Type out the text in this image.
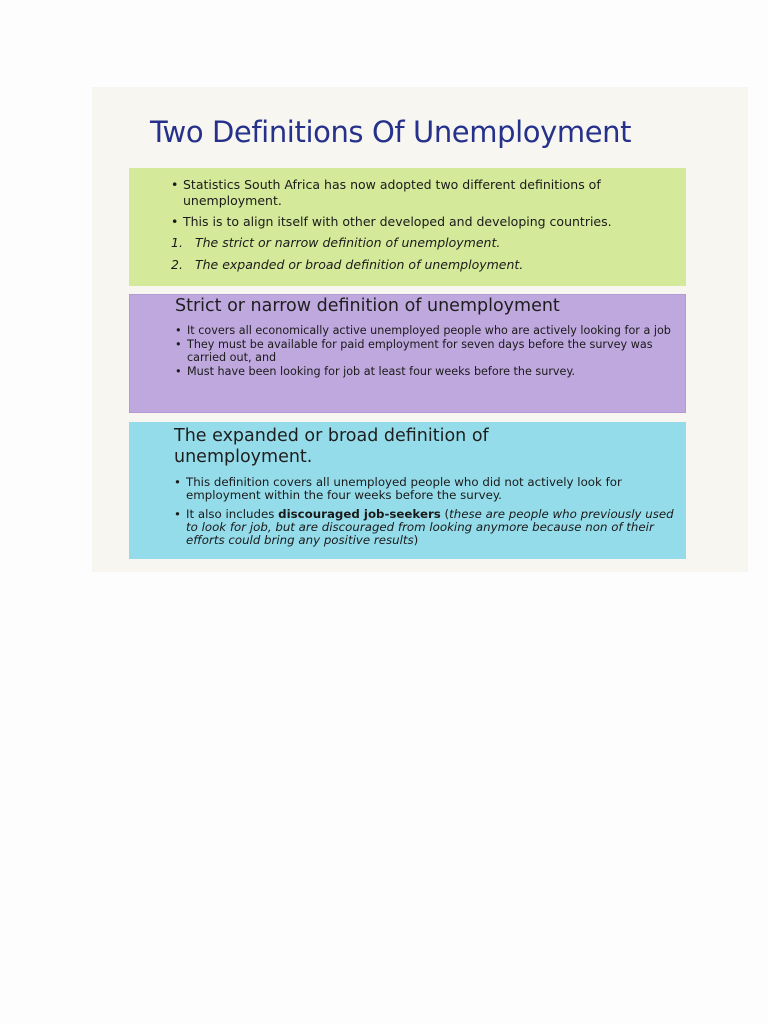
Two Definitions Of Unemployment
• Statistics South Africa has now adopted two different definitions of unemployment.
• This is to align itself with other developed and developing countries.
1. The strict or narrow definition of unemployment.
2. The expanded or broad definition of unemployment.
Strict or narrow definition of unemployment
• It covers all economically active unemployed people who are actively looking for a job
• They must be available for paid employment for seven days before the survey was carried out, and
• Must have been looking for job at least four weeks before the survey.
The expanded or broad definition of unemployment.
• This definition covers all unemployed people who did not actively look for employment within the four weeks before the survey.
• It also includes discouraged job-seekers (these are people who previously used to look for job, but are discouraged from looking anymore because non of their efforts could bring any positive results)
